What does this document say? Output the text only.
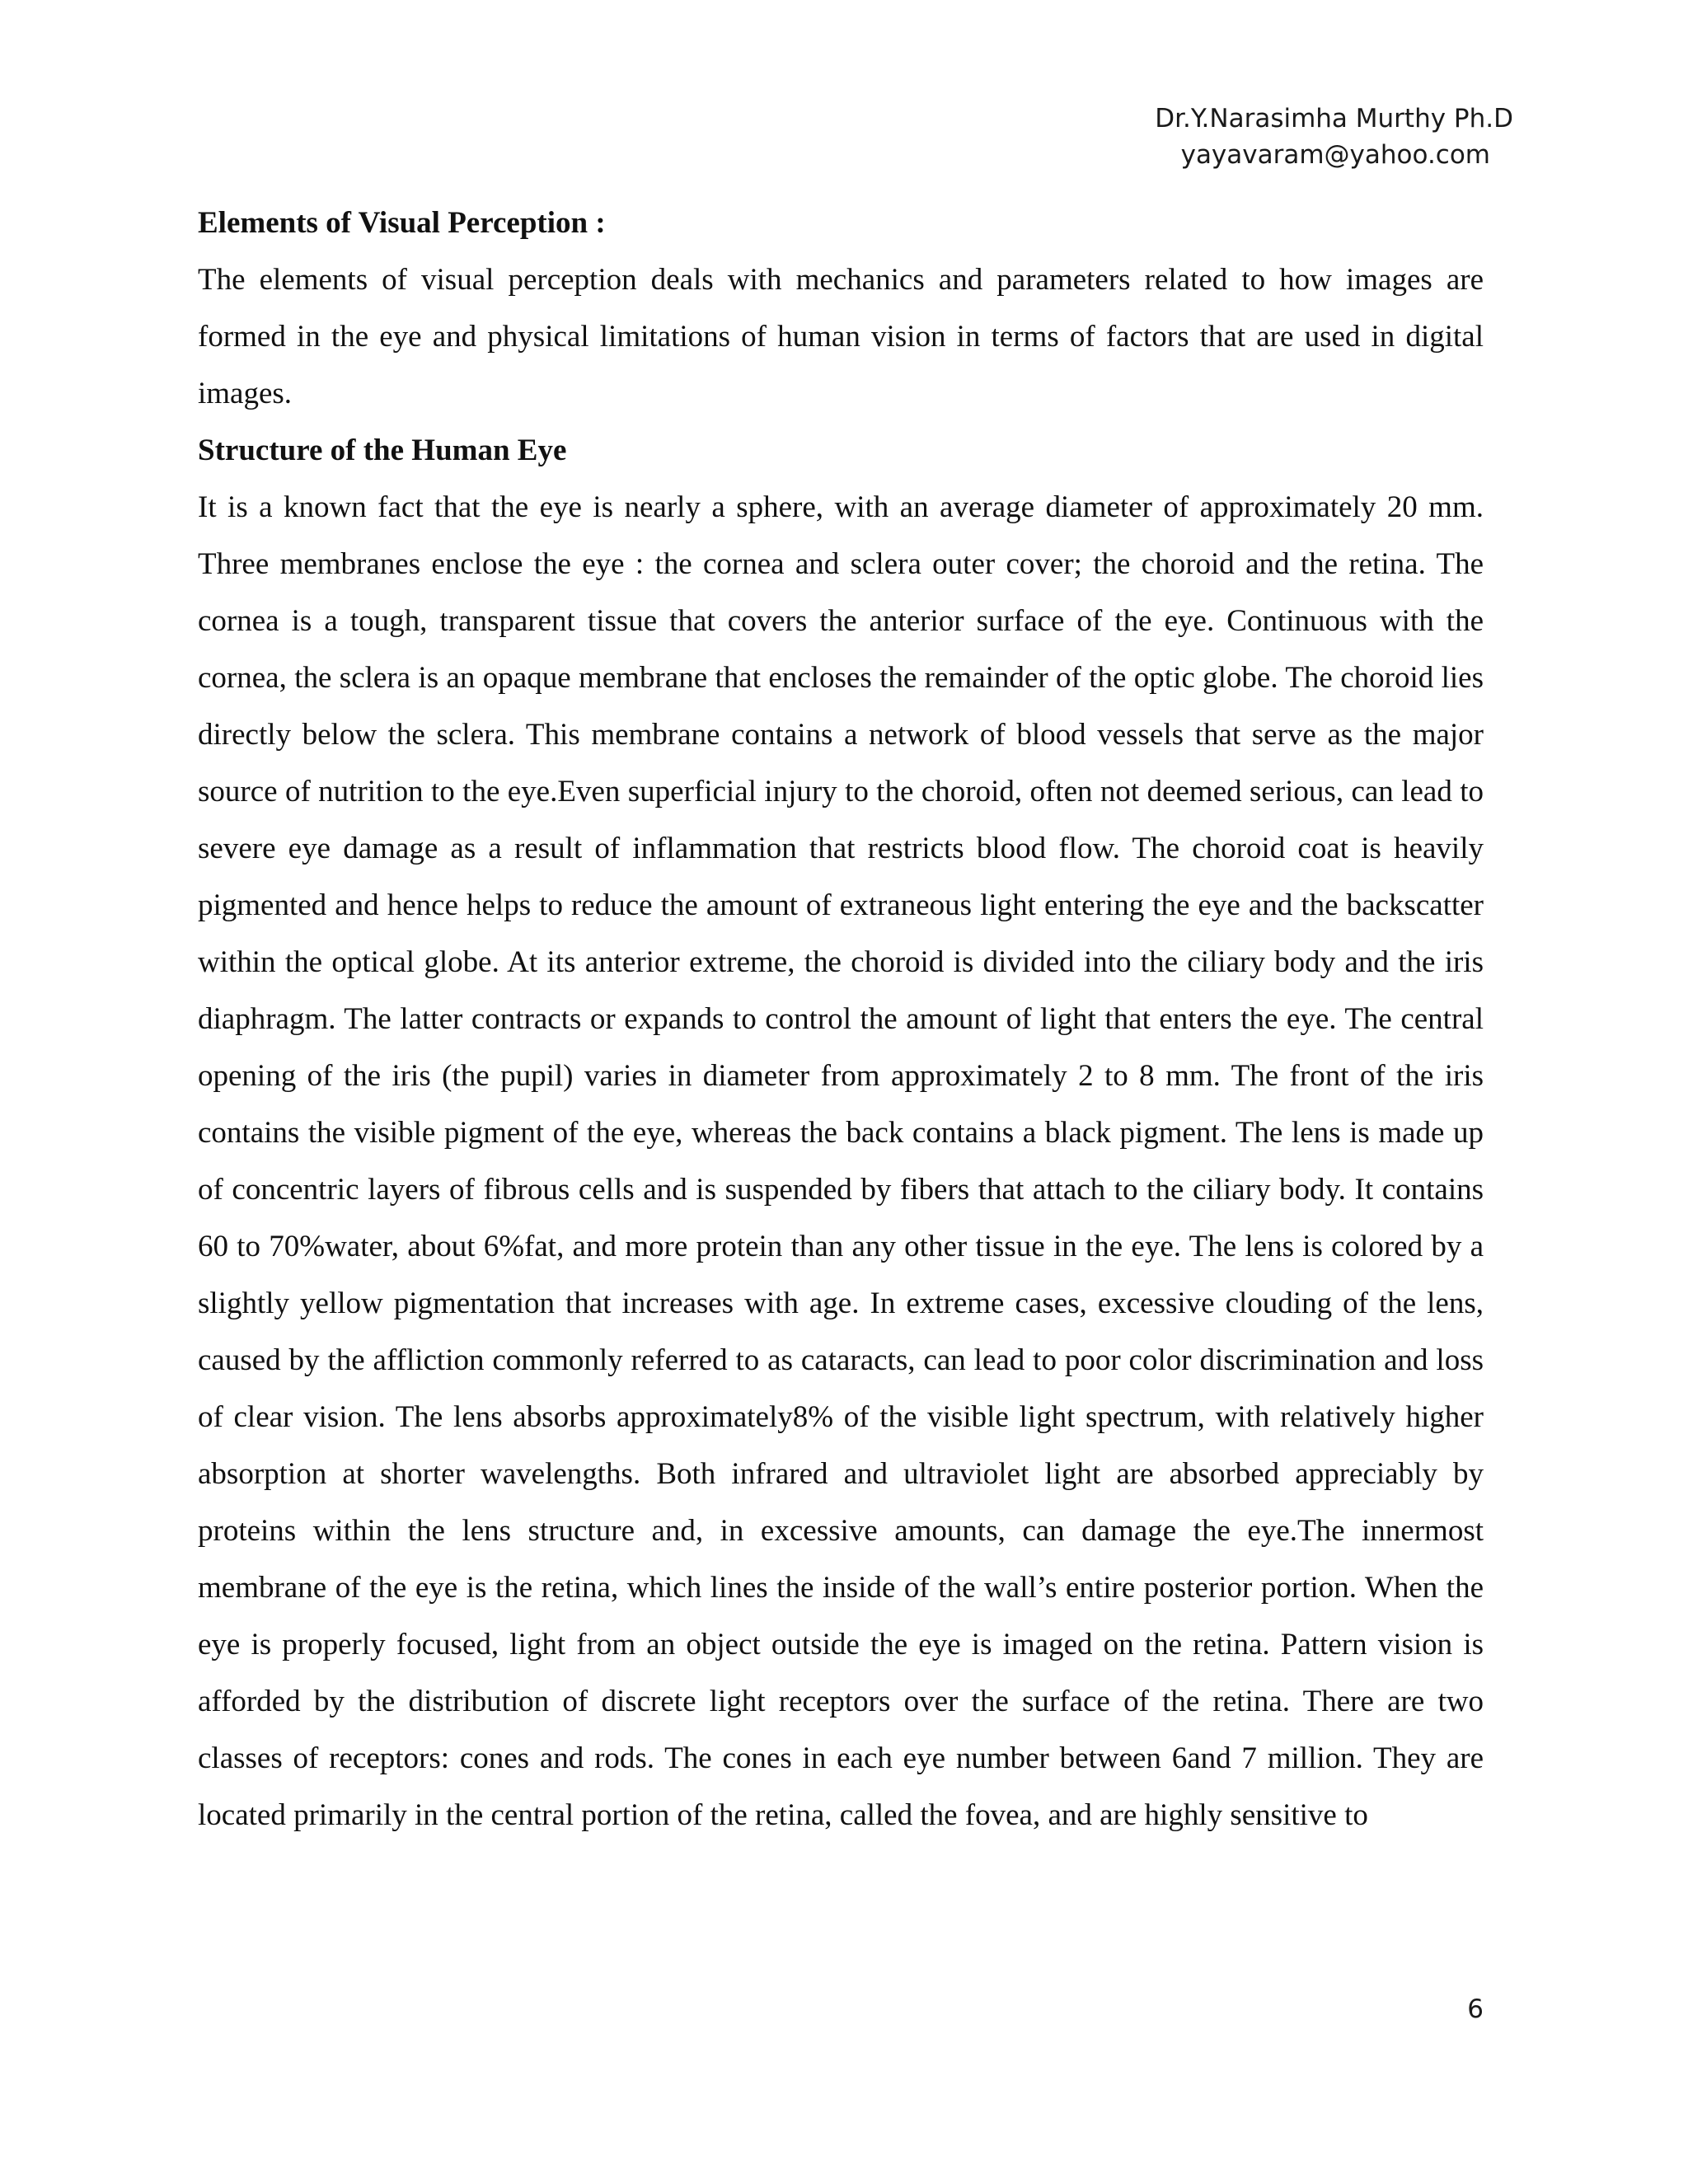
Dr.Y.Narasimha Murthy Ph.D
yayavaram@yahoo.com
Elements of Visual Perception :

The elements of visual perception deals with mechanics and parameters related to how images are formed in the eye and physical limitations of human vision in terms of factors that are used in digital images.

Structure of the Human Eye

It is a known fact that the eye is nearly a sphere, with an average diameter of approximately 20 mm. Three membranes enclose the eye : the cornea and sclera outer cover; the choroid and the retina. The cornea is a tough, transparent tissue that covers the anterior surface of the eye. Continuous with the cornea, the sclera is an opaque membrane that encloses the remainder of the optic globe. The choroid lies directly below the sclera. This membrane contains a network of blood vessels that serve as the major source of nutrition to the eye.Even superficial injury to the choroid, often not deemed serious, can lead to severe eye damage as a result of inflammation that restricts blood flow. The choroid coat is heavily pigmented and hence helps to reduce the amount of extraneous light entering the eye and the backscatter within the optical globe. At its anterior extreme, the choroid is divided into the ciliary body and the iris diaphragm. The latter contracts or expands to control the amount of light that enters the eye. The central opening of the iris (the pupil) varies in diameter from approximately 2 to 8 mm. The front of the iris contains the visible pigment of the eye, whereas the back contains a black pigment. The lens is made up of concentric layers of fibrous cells and is suspended by fibers that attach to the ciliary body. It contains 60 to 70%water, about 6%fat, and more protein than any other tissue in the eye. The lens is colored by a slightly yellow pigmentation that increases with age. In extreme cases, excessive clouding of the lens, caused by the affliction commonly referred to as cataracts, can lead to poor color discrimination and loss of clear vision. The lens absorbs approximately8% of the visible light spectrum, with relatively higher absorption at shorter wavelengths. Both infrared and ultraviolet light are absorbed appreciably by proteins within the lens structure and, in excessive amounts, can damage the eye.The innermost membrane of the eye is the retina, which lines the inside of the wall’s entire posterior portion. When the eye is properly focused, light from an object outside the eye is imaged on the retina. Pattern vision is afforded by the distribution of discrete light receptors over the surface of the retina. There are two classes of receptors: cones and rods. The cones in each eye number between 6and 7 million. They are located primarily in the central portion of the retina, called the fovea, and are highly sensitive to

6
